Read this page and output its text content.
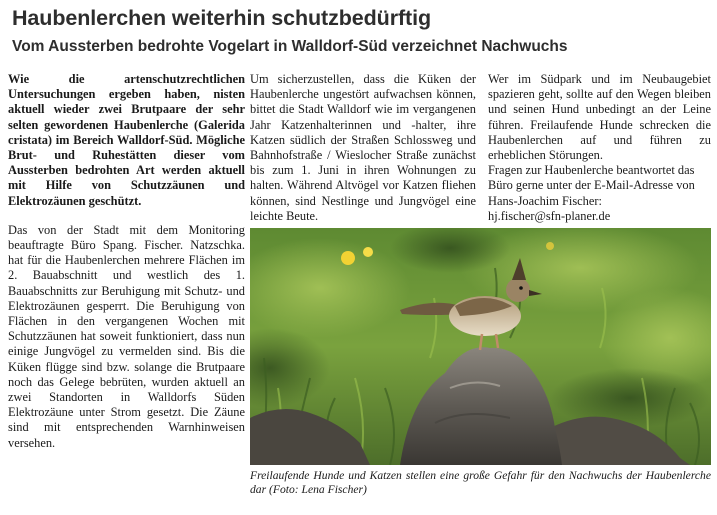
Haubenlerchen weiterhin schutzbedürftig
Vom Aussterben bedrohte Vogelart in Walldorf-Süd verzeichnet Nachwuchs

Wie die artenschutzrechtlichen Untersuchungen ergeben haben, nisten aktuell wieder zwei Brutpaare der sehr selten gewordenen Haubenlerche (Galerida cristata) im Bereich Walldorf-Süd. Mögliche Brut- und Ruhestätten dieser vom Aussterben bedrohten Art werden aktuell mit Hilfe von Schutzzäunen und Elektrozäunen geschützt.

Das von der Stadt mit dem Monitoring beauftragte Büro Spang. Fischer. Natzschka. hat für die Haubenlerchen mehrere Flächen im 2. Bauabschnitt und westlich des 1. Bauabschnitts zur Beruhigung mit Schutz- und Elektrozäunen gesperrt. Die Beruhigung von Flächen in den vergangenen Wochen mit Schutzzäunen hat soweit funktioniert, dass nun einige Jungvögel zu vermelden sind. Bis die Küken flügge sind bzw. solange die Brutpaare noch das Gelege bebrüten, wurden aktuell an zwei Standorten in Walldorfs Süden Elektrozäune unter Strom gesetzt. Die Zäune sind mit entsprechenden Warnhinweisen versehen.

Um sicherzustellen, dass die Küken der Haubenlerche ungestört aufwachsen können, bittet die Stadt Walldorf wie im vergangenen Jahr Katzenhalterinnen und -halter, ihre Katzen südlich der Straßen Schlossweg und Bahnhofstraße / Wieslocher Straße zunächst bis zum 1. Juni in ihren Wohnungen zu halten. Während Altvögel vor Katzen fliehen können, sind Nestlinge und Jungvögel eine leichte Beute.

Wer im Südpark und im Neubaugebiet spazieren geht, sollte auf den Wegen bleiben und seinen Hund unbedingt an der Leine führen. Freilaufende Hunde schrecken die Haubenlerchen auf und führen zu erheblichen Störungen.

Fragen zur Haubenlerche beantwortet das Büro gerne unter der E-Mail-Adresse von Hans-Joachim Fischer:

hj.fischer@sfn-planer.de

Freilaufende Hunde und Katzen stellen eine große Gefahr für den Nachwuchs der Haubenlerche dar (Foto: Lena Fischer)
